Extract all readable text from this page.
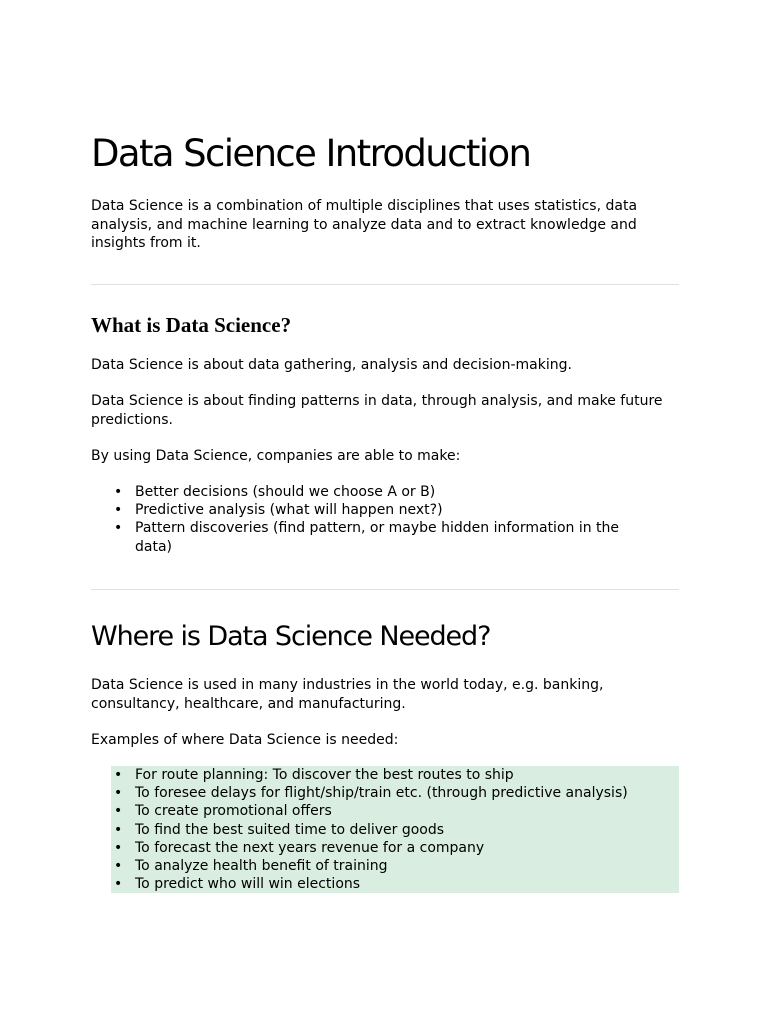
Data Science Introduction

Data Science is a combination of multiple disciplines that uses statistics, data analysis, and machine learning to analyze data and to extract knowledge and insights from it.

What is Data Science?

Data Science is about data gathering, analysis and decision-making.

Data Science is about finding patterns in data, through analysis, and make future predictions.

By using Data Science, companies are able to make:

• Better decisions (should we choose A or B)
• Predictive analysis (what will happen next?)
• Pattern discoveries (find pattern, or maybe hidden information in the data)
Where is Data Science Needed?

Data Science is used in many industries in the world today, e.g. banking, consultancy, healthcare, and manufacturing.

Examples of where Data Science is needed:

• For route planning: To discover the best routes to ship
• To foresee delays for flight/ship/train etc. (through predictive analysis)
• To create promotional offers
• To find the best suited time to deliver goods
• To forecast the next years revenue for a company
• To analyze health benefit of training
• To predict who will win elections
